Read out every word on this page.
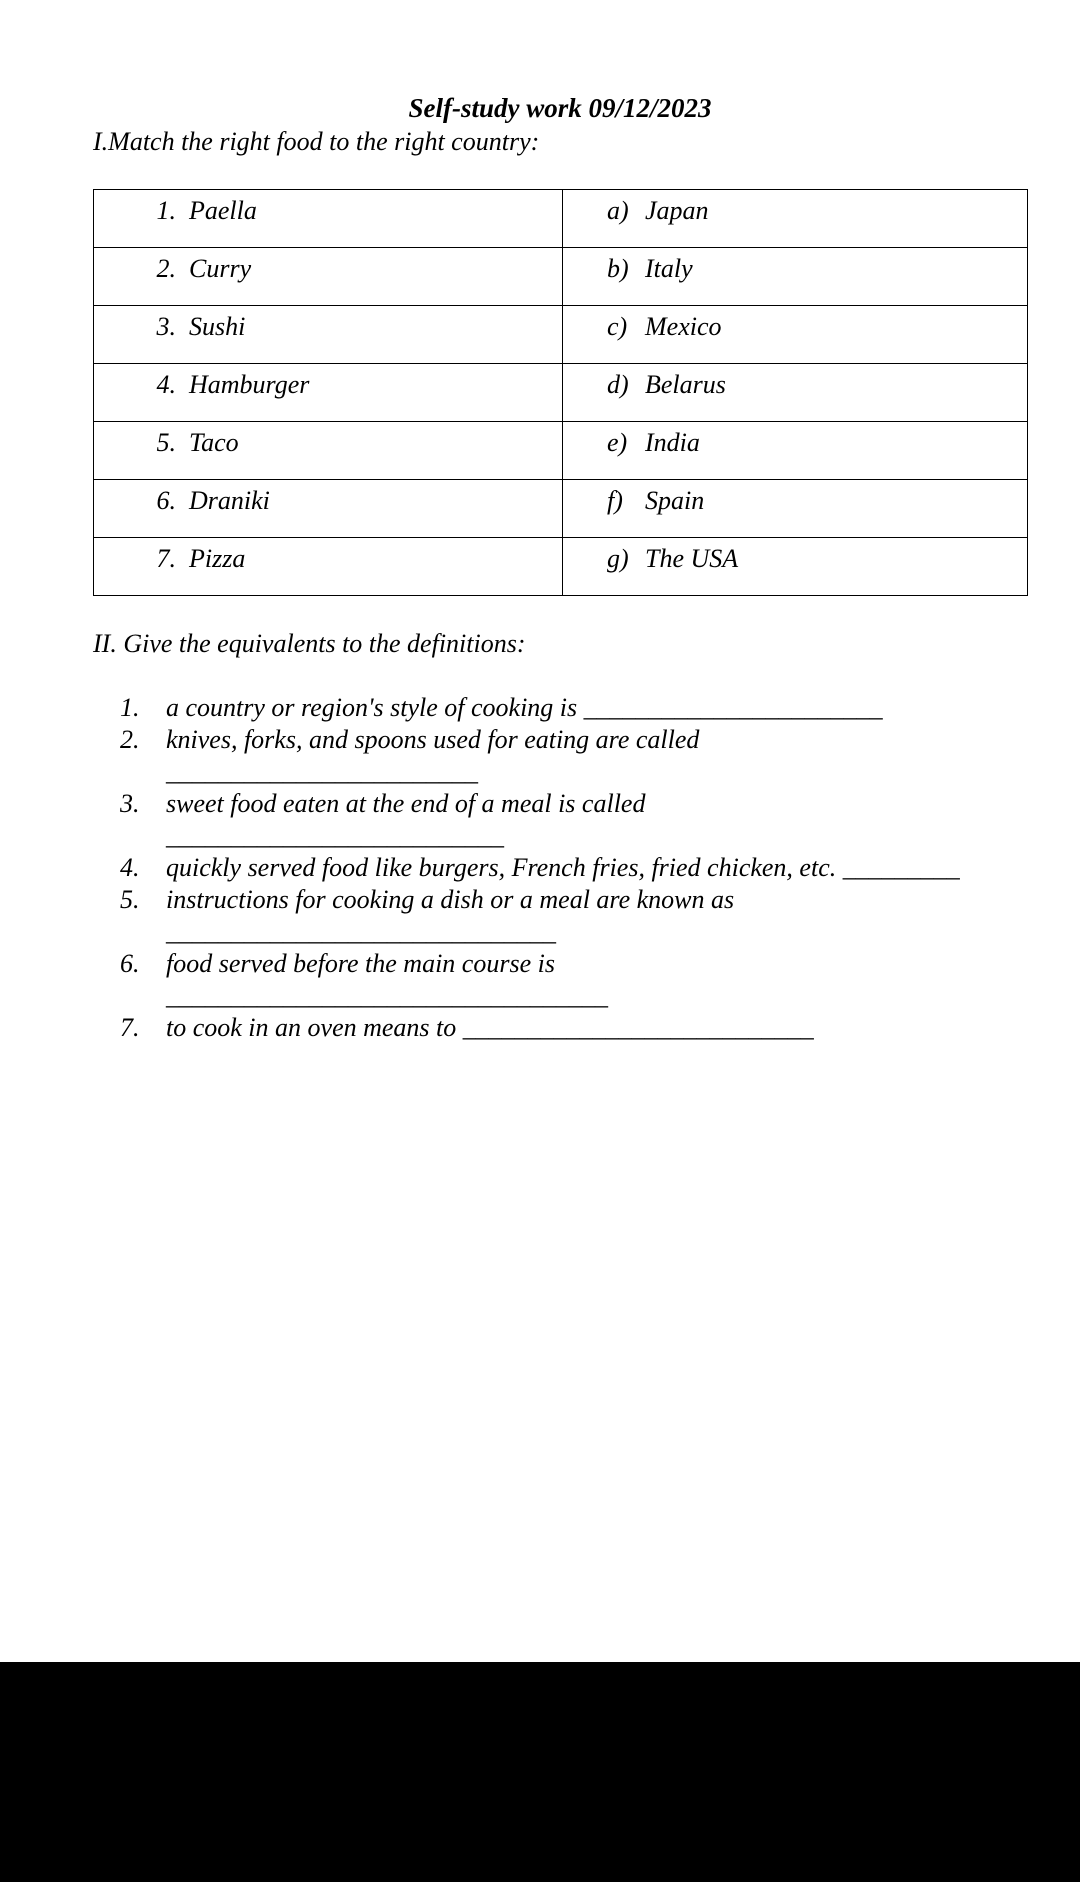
Self-study work 09/12/2023
I.Match the right food to the right country:
1. Paella	a) Japan

2. Curry	b) Italy

3. Sushi	c) Mexico

4. Hamburger	d) Belarus

5. Taco	e) India

6. Draniki	f) Spain

7. Pizza	g) The USA
II. Give the equivalents to the definitions:
1.	a country or region's style of cooking is _______________________
2.	knives, forks, and spoons used for eating are called
________________________
3.	sweet food eaten at the end of a meal is called
__________________________
4.	quickly served food like burgers, French fries, fried chicken, etc. _________
5.	instructions for cooking a dish or a meal are known as
______________________________
6.	food served before the main course is
__________________________________
7.	to cook in an oven means to ___________________________
